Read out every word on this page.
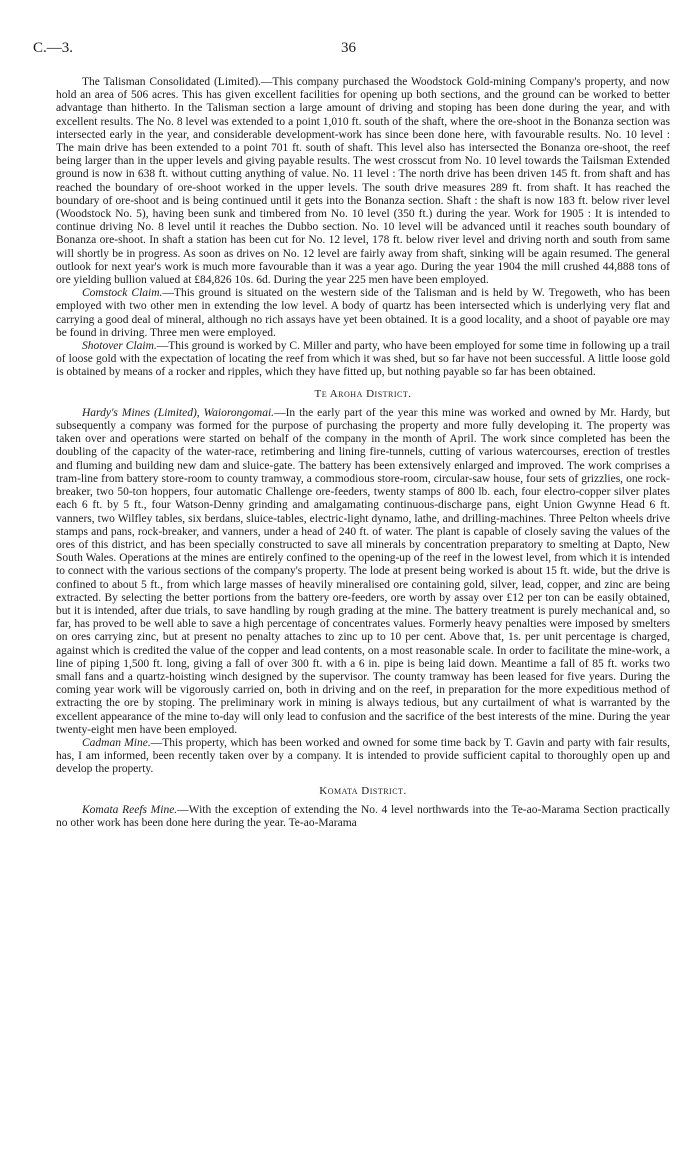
C.—3.	36

The Talisman Consolidated (Limited).—This company purchased the Woodstock Gold-mining Company's property, and now hold an area of 506 acres. This has given excellent facilities for opening up both sections, and the ground can be worked to better advantage than hitherto. In the Talisman section a large amount of driving and stoping has been done during the year, and with excellent results. The No. 8 level was extended to a point 1,010 ft. south of the shaft, where the ore-shoot in the Bonanza section was intersected early in the year, and considerable development-work has since been done here, with favourable results. No. 10 level : The main drive has been extended to a point 701 ft. south of shaft. This level also has intersected the Bonanza ore-shoot, the reef being larger than in the upper levels and giving payable results. The west crosscut from No. 10 level towards the Tailsman Extended ground is now in 638 ft. without cutting anything of value. No. 11 level : The north drive has been driven 145 ft. from shaft and has reached the boundary of ore-shoot worked in the upper levels. The south drive measures 289 ft. from shaft. It has reached the boundary of ore-shoot and is being continued until it gets into the Bonanza section. Shaft : the shaft is now 183 ft. below river level (Woodstock No. 5), having been sunk and timbered from No. 10 level (350 ft.) during the year. Work for 1905 : It is intended to continue driving No. 8 level until it reaches the Dubbo section. No. 10 level will be advanced until it reaches south boundary of Bonanza ore-shoot. In shaft a station has been cut for No. 12 level, 178 ft. below river level and driving north and south from same will shortly be in progress. As soon as drives on No. 12 level are fairly away from shaft, sinking will be again resumed. The general outlook for next year's work is much more favourable than it was a year ago. During the year 1904 the mill crushed 44,888 tons of ore yielding bullion valued at £84,826 10s. 6d. During the year 225 men have been employed.

Comstock Claim.—This ground is situated on the western side of the Talisman and is held by W. Tregoweth, who has been employed with two other men in extending the low level. A body of quartz has been intersected which is underlying very flat and carrying a good deal of mineral, although no rich assays have yet been obtained. It is a good locality, and a shoot of payable ore may be found in driving. Three men were employed.

Shotover Claim.—This ground is worked by C. Miller and party, who have been employed for some time in following up a trail of loose gold with the expectation of locating the reef from which it was shed, but so far have not been successful. A little loose gold is obtained by means of a rocker and ripples, which they have fitted up, but nothing payable so far has been obtained.

Te Aroha District.

Hardy's Mines (Limited), Waiorongomai.—In the early part of the year this mine was worked and owned by Mr. Hardy, but subsequently a company was formed for the purpose of purchasing the property and more fully developing it. The property was taken over and operations were started on behalf of the company in the month of April. The work since completed has been the doubling of the capacity of the water-race, retimbering and lining fire-tunnels, cutting of various watercourses, erection of trestles and fluming and building new dam and sluice-gate. The battery has been extensively enlarged and improved. The work comprises a tram-line from battery store-room to county tramway, a commodious store-room, circular-saw house, four sets of grizzlies, one rock-breaker, two 50-ton hoppers, four automatic Challenge ore-feeders, twenty stamps of 800 lb. each, four electro-copper silver plates each 6 ft. by 5 ft., four Watson-Denny grinding and amalgamating continuous-discharge pans, eight Union Gwynne Head 6 ft. vanners, two Wilfley tables, six berdans, sluice-tables, electric-light dynamo, lathe, and drilling-machines. Three Pelton wheels drive stamps and pans, rock-breaker, and vanners, under a head of 240 ft. of water. The plant is capable of closely saving the values of the ores of this district, and has been specially constructed to save all minerals by concentration preparatory to smelting at Dapto, New South Wales. Operations at the mines are entirely confined to the opening-up of the reef in the lowest level, from which it is intended to connect with the various sections of the company's property. The lode at present being worked is about 15 ft. wide, but the drive is confined to about 5 ft., from which large masses of heavily mineralised ore containing gold, silver, lead, copper, and zinc are being extracted. By selecting the better portions from the battery ore-feeders, ore worth by assay over £12 per ton can be easily obtained, but it is intended, after due trials, to save handling by rough grading at the mine. The battery treatment is purely mechanical and, so far, has proved to be well able to save a high percentage of concentrates values. Formerly heavy penalties were imposed by smelters on ores carrying zinc, but at present no penalty attaches to zinc up to 10 per cent. Above that, 1s. per unit percentage is charged, against which is credited the value of the copper and lead contents, on a most reasonable scale. In order to facilitate the mine-work, a line of piping 1,500 ft. long, giving a fall of over 300 ft. with a 6 in. pipe is being laid down. Meantime a fall of 85 ft. works two small fans and a quartz-hoisting winch designed by the supervisor. The county tramway has been leased for five years. During the coming year work will be vigorously carried on, both in driving and on the reef, in preparation for the more expeditious method of extracting the ore by stoping. The preliminary work in mining is always tedious, but any curtailment of what is warranted by the excellent appearance of the mine to-day will only lead to confusion and the sacrifice of the best interests of the mine. During the year twenty-eight men have been employed.

Cadman Mine.—This property, which has been worked and owned for some time back by T. Gavin and party with fair results, has, I am informed, been recently taken over by a company. It is intended to provide sufficient capital to thoroughly open up and develop the property.

Komata District.

Komata Reefs Mine.—With the exception of extending the No. 4 level northwards into the Te-ao-Marama Section practically no other work has been done here during the year. Te-ao-Marama
